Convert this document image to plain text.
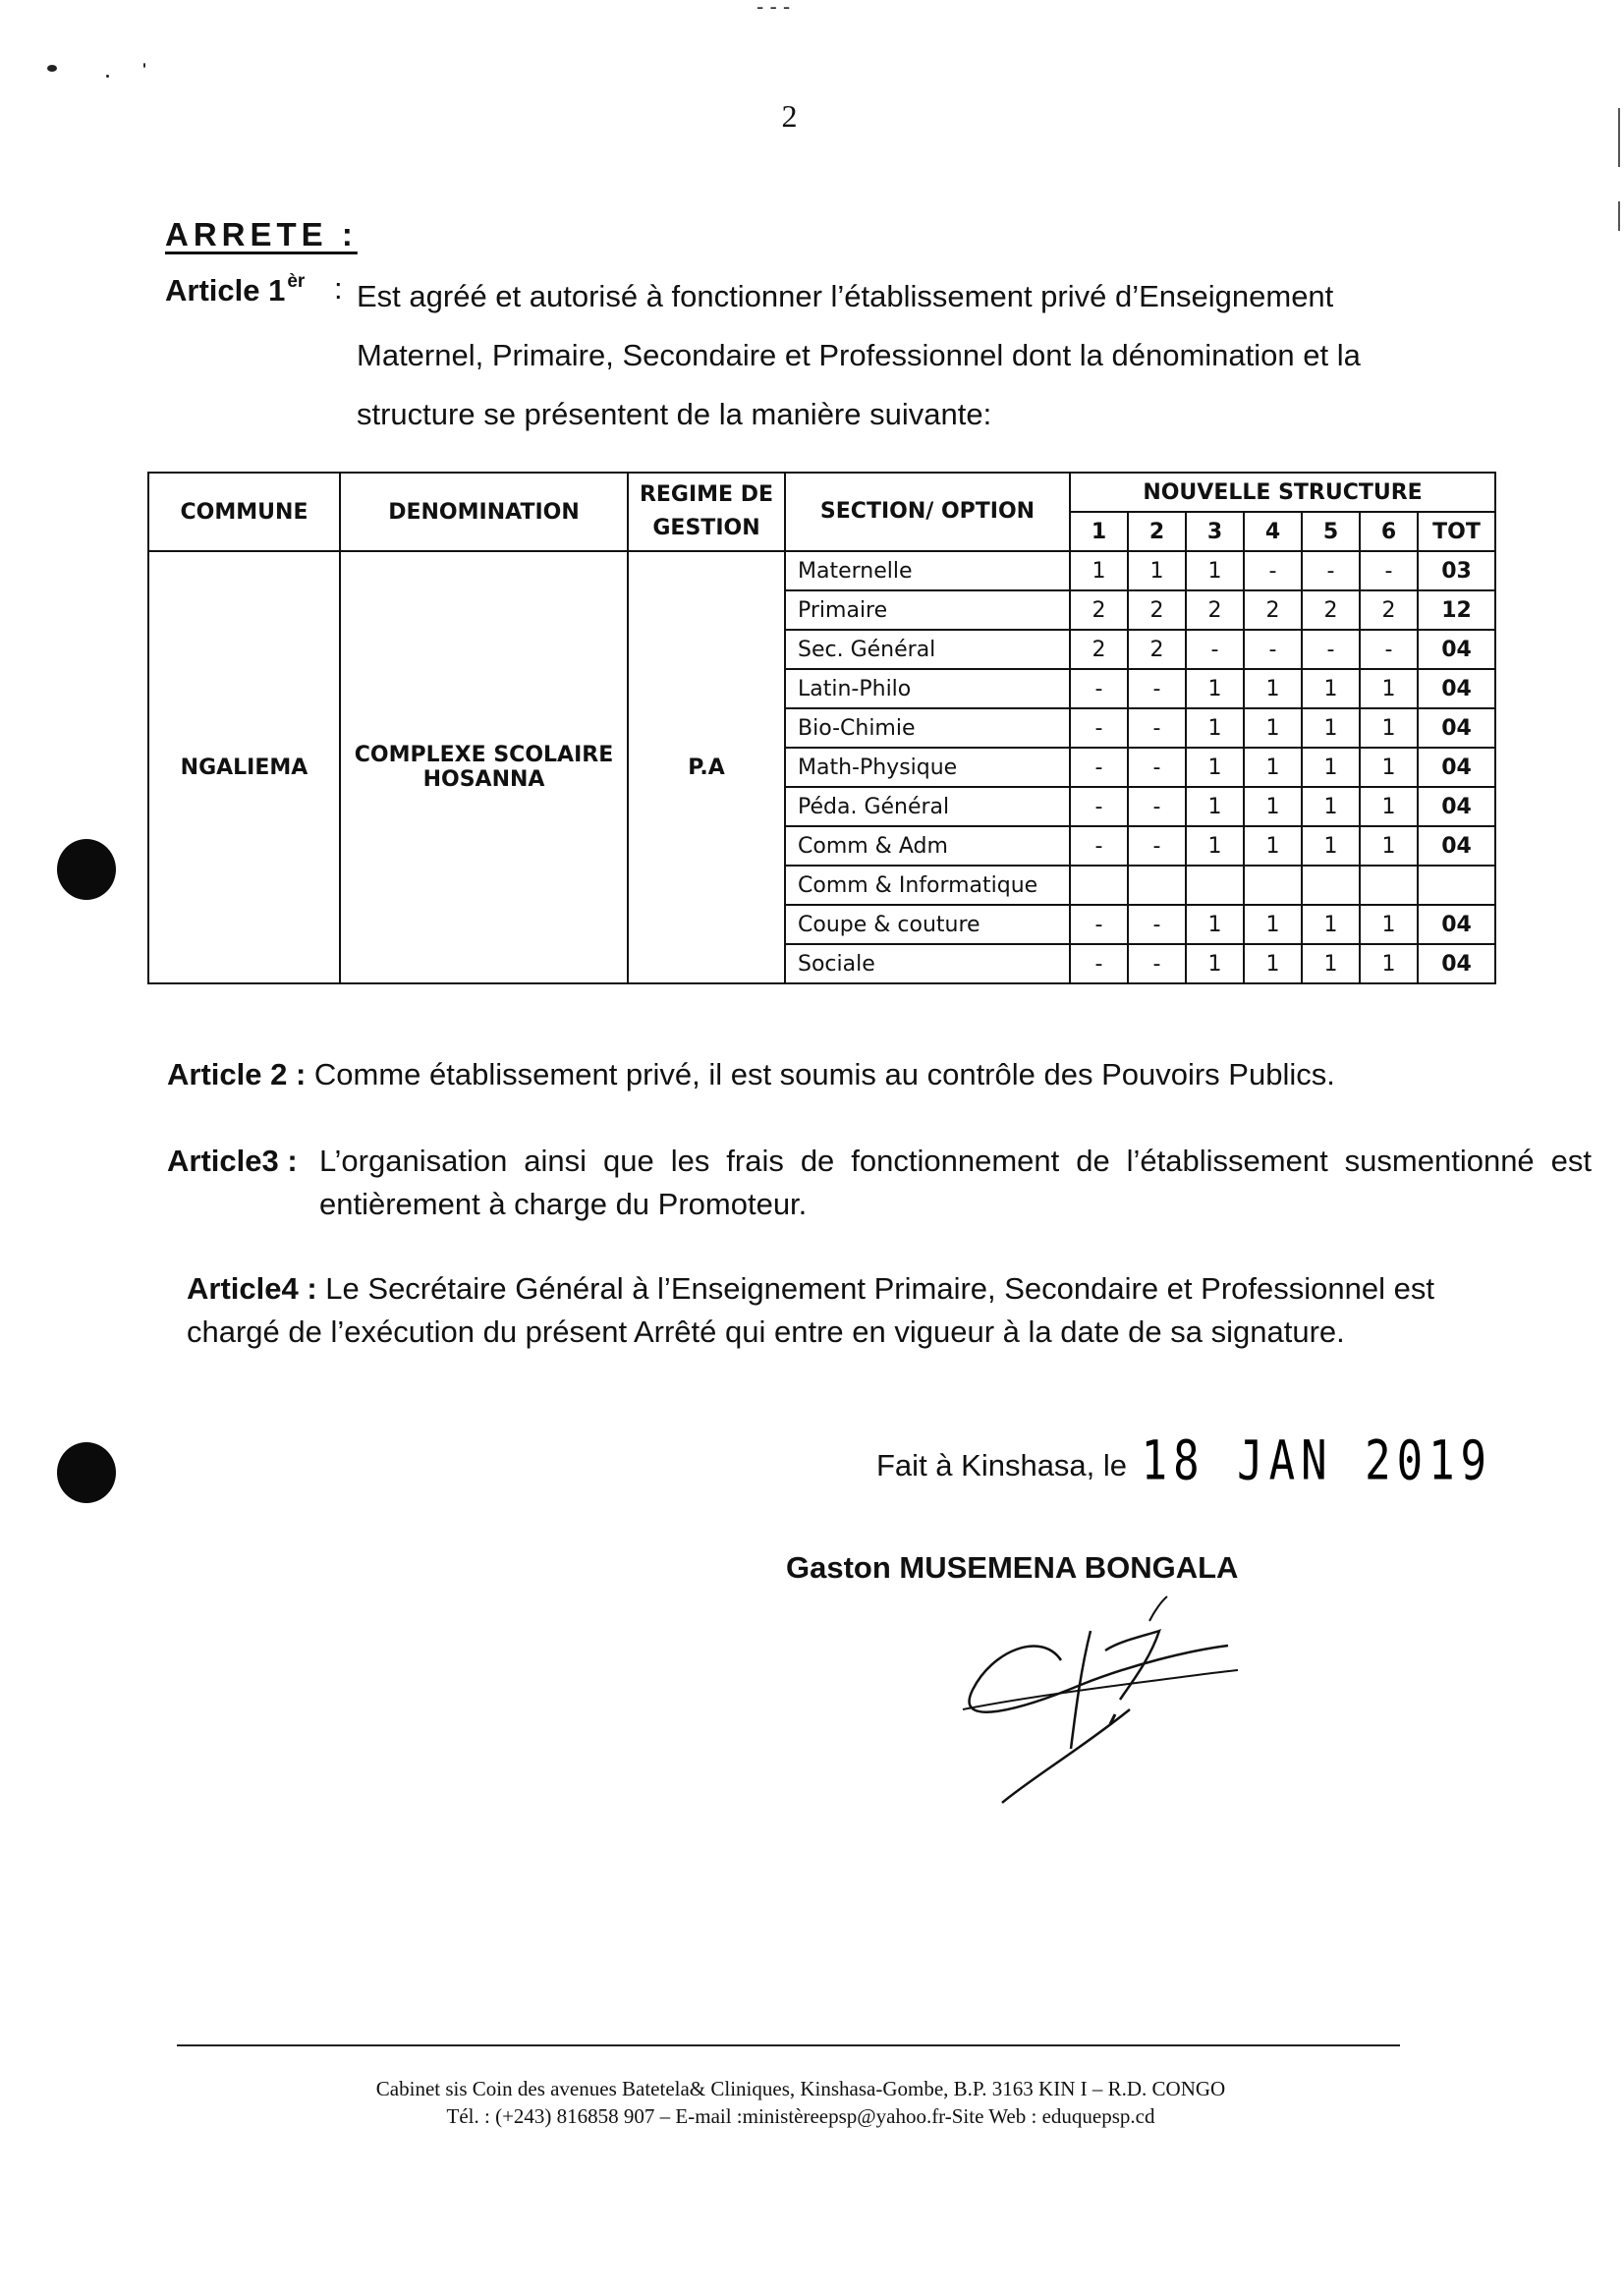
- - -
2
ARRETE :
Article 1 $^{èr}$ : Est agréé et autorisé à fonctionner l’établissement privé d’Enseignement
Maternel, Primaire, Secondaire et Professionnel dont la dénomination et la
structure se présentent de la manière suivante:
COMMUNE	DENOMINATION	REGIME DE GESTION	SECTION/ OPTION	NOUVELLE STRUCTURE						
				1	2	3	4	5	6	TOT
NGALIEMA	COMPLEXE SCOLAIRE HOSANNA	P.A	Maternelle	1	1	1	-	-	-	03
			Primaire	2	2	2	2	2	2	12
			Sec. Général	2	2	-	-	-	-	04
			Latin-Philo	-	-	1	1	1	1	04
			Bio-Chimie	-	-	1	1	1	1	04
			Math-Physique	-	-	1	1	1	1	04
			Péda. Général	-	-	1	1	1	1	04
			Comm & Adm	-	-	1	1	1	1	04
			Comm & Informatique							
			Coupe & couture	-	-	1	1	1	1	04
			Sociale	-	-	1	1	1	1	04
Article 2 : Comme établissement privé, il est soumis au contrôle des Pouvoirs Publics.
Article3 : L’organisation ainsi que les frais de fonctionnement de l’établissement susmentionné est entièrement à charge du Promoteur.
Article4 : Le Secrétaire Général à l’Enseignement Primaire, Secondaire et Professionnel est chargé de l’exécution du présent Arrêté qui entre en vigueur à la date de sa signature.
Fait à Kinshasa, le 18 JAN 2019
Gaston MUSEMENA BONGALA
Cabinet sis Coin des avenues Batetela& Cliniques, Kinshasa-Gombe, B.P. 3163 KIN I – R.D. CONGO
Tél. : (+243) 816858 907 – E-mail :ministèreepsp@yahoo.fr-Site Web : eduquepsp.cd
